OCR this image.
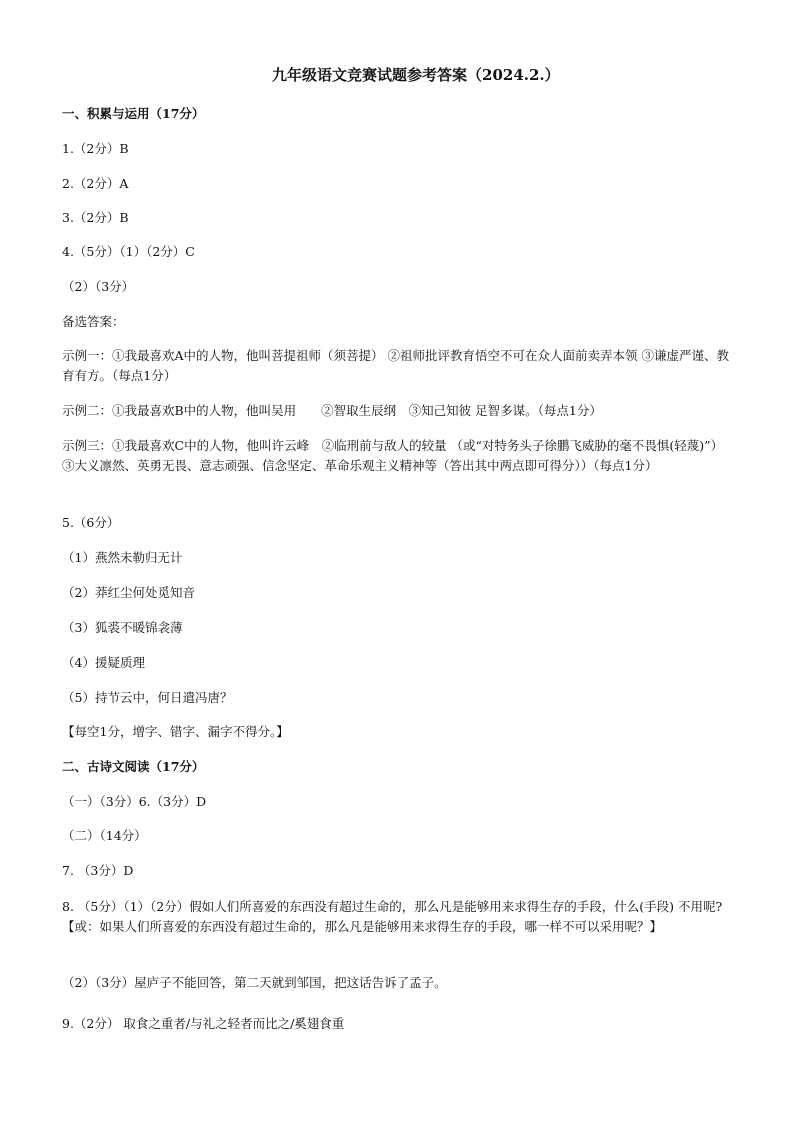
九年级语文竞赛试题参考答案（2024.2.）
一、积累与运用（17分）
1.（2分）B
2.（2分）A
3.（2分）B
4.（5分）（1）（2分）C
（2）（3分）
备选答案：
示例一：①我最喜欢A中的人物，他叫菩提祖师（须菩提） ②祖师批评教育悟空不可在众人面前卖弄本领 ③谦虚严谨、教育有方。（每点1分）
示例二：①我最喜欢B中的人物，他叫吴用　　②智取生辰纲　③知己知彼 足智多谋。（每点1分）
示例三：①我最喜欢C中的人物，他叫许云峰　②临刑前与敌人的较量 （或“对特务头子徐鹏飞威胁的毫不畏惧(轻蔑)”） ③大义凛然、英勇无畏、意志顽强、信念坚定、革命乐观主义精神等（答出其中两点即可得分））（每点1分）
5.（6分）
（1）燕然未勒归无计
（2）莽红尘何处觅知音
（3）狐裘不暖锦衾薄
（4）援疑质理
（5）持节云中，何日遣冯唐？
【每空1分，增字、错字、漏字不得分。】
二、古诗文阅读（17分）
（一）（3分）6.（3分）D
（二）（14分）
7. （3分）D
8. （5分）（1）（2分）假如人们所喜爱的东西没有超过生命的，那么凡是能够用来求得生存的手段，什么(手段) 不用呢?【或：如果人们所喜爱的东西没有超过生命的，那么凡是能够用来求得生存的手段，哪一样不可以采用呢？】
（2）（3分）屋庐子不能回答，第二天就到邹国，把这话告诉了孟子。
9.（2分） 取食之重者/与礼之轻者而比之/奚翅食重
